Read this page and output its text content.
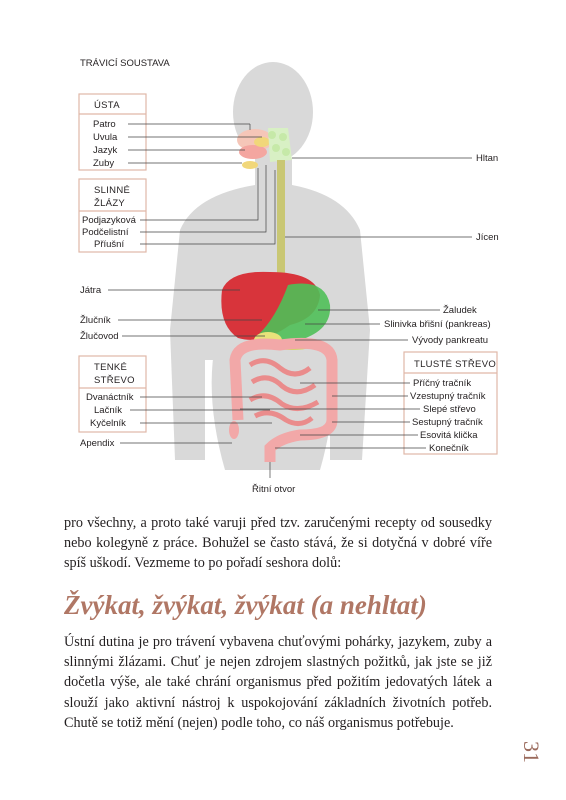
TRÁVICÍ SOUSTAVA
ÚSTA
Patro
Uvula
Jazyk
Zuby
SLINNÉ
ŽLÁZY
Podjazyková
Podčelistní
Příušní
Hltan
Jícen
Játra
Žlučník
Žlučovod
Žaludek
Slinivka břišní (pankreas)
Vývody pankreatu
TENKÉ
STŘEVO
Dvanáctník
Lačník
Kyčelník
Apendix
TLUSTÉ STŘEVO
Příčný tračník
Vzestupný tračník
Slepé střevo
Sestupný tračník
Esovitá klička
Konečník
Řitní otvor

pro všechny, a proto také varuji před tzv. zaručenými recepty od sousedky nebo kolegyně z práce. Bohužel se často stává, že si dotyčná v dobré víře spíš uškodí. Vezmeme to po pořadí seshora dolů:

Žvýkat, žvýkat, žvýkat (a nehltat)

Ústní dutina je pro trávení vybavena chuťovými pohárky, jazykem, zuby a slinnými žlázami. Chuť je nejen zdrojem slastných požitků, jak jste se již dočetla výše, ale také chrání organismus před požitím jedovatých látek a slouží jako aktivní nástroj k uspokojování základních životních potřeb. Chutě se totiž mění (nejen) podle toho, co náš organismus potřebuje.

31
